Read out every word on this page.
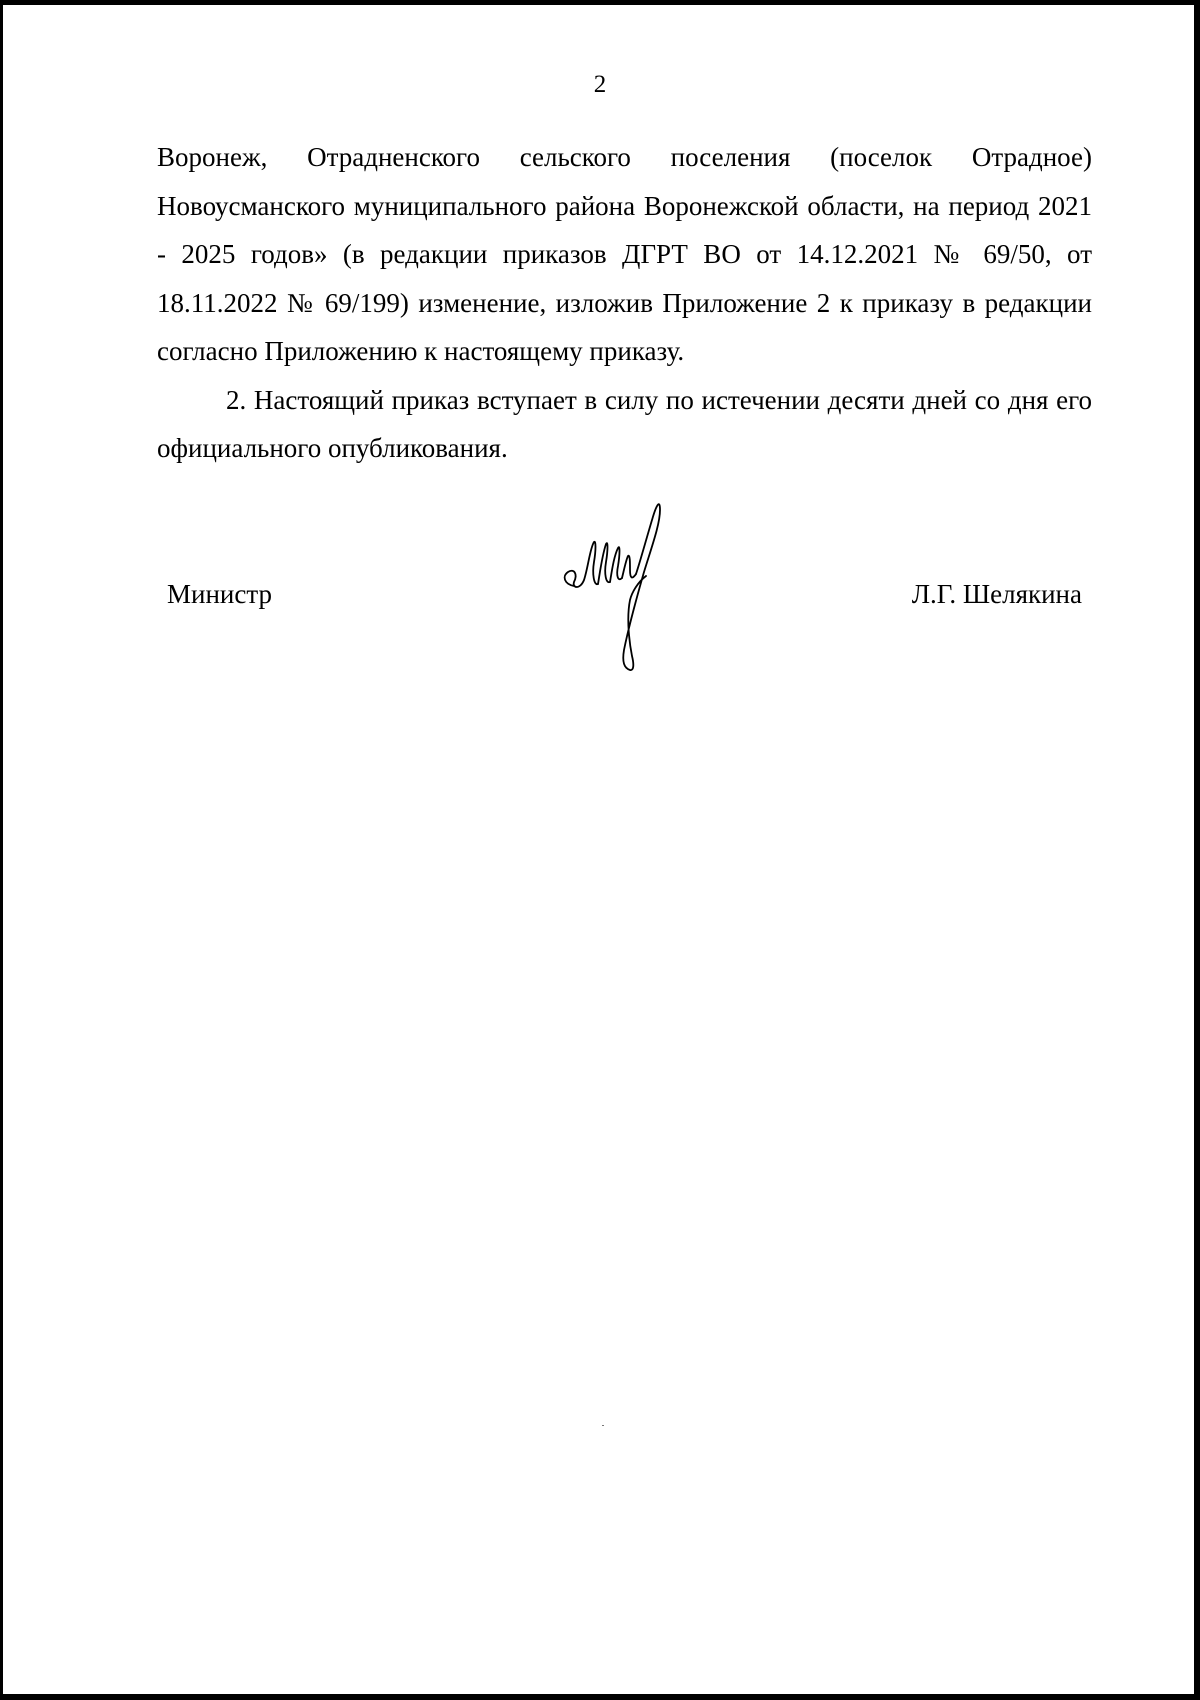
2

Воронеж, Отрадненского сельского поселения (поселок Отрадное) Новоусманского муниципального района Воронежской области, на период 2021 - 2025 годов» (в редакции приказов ДГРТ ВО от 14.12.2021 № 69/50, от 18.11.2022 № 69/199) изменение, изложив Приложение 2 к приказу в редакции согласно Приложению к настоящему приказу.

2. Настоящий приказ вступает в силу по истечении десяти дней со дня его официального опубликования.

Министр	Л.Г. Шелякина
